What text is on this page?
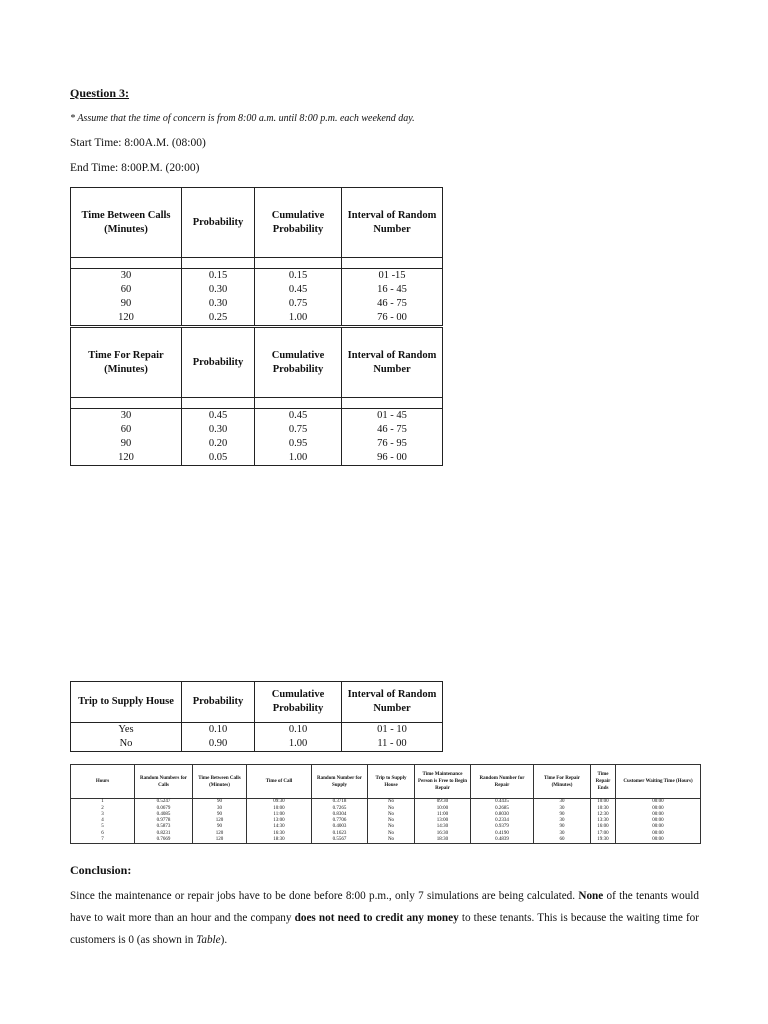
Question 3:
* Assume that the time of concern is from 8:00 a.m. until 8:00 p.m. each weekend day.
Start Time: 8:00A.M. (08:00)
End Time: 8:00P.M. (20:00)
Time Between Calls (Minutes)	Probability	Cumulative Probability	Interval of Random Number

30	0.15	0.15	01 -15
60	0.30	0.45	16 - 45
90	0.30	0.75	46 - 75
120	0.25	1.00	76 - 00
Time For Repair (Minutes)	Probability	Cumulative Probability	Interval of Random Number

30	0.45	0.45	01 - 45
60	0.30	0.75	46 - 75
90	0.20	0.95	76 - 95
120	0.05	1.00	96 - 00
Trip to Supply House	Probability	Cumulative Probability	Interval of Random Number
Yes	0.10	0.10	01 - 10
No	0.90	1.00	11 - 00
Hours	Random Numbers for Calls	Time Between Calls (Minutes)	Time of Call	Random Number for Supply	Trip to Supply House	Time Maintenance Person is Free to Begin Repair	Random Number for Repair	Time For Repair (Minutes)	Time Repair Ends	Customer Waiting Time (Hours)
1	0.5247	90	09:30	0.3718	No	09:30	0.4435	30	10:00	00:00
2	0.0679	30	10:00	0.7265	No	10:00	0.2685	30	10:30	00:00
3	0.4085	90	11:00	0.8304	No	11:00	0.8030	90	12:30	00:00
4	0.9778	120	13:00	0.7706	No	13:00	0.2334	30	13:30	00:00
5	0.5873	90	14:30	0.4003	No	14:30	0.9379	90	16:00	00:00
6	0.8231	120	16:30	0.1623	No	16:30	0.4190	30	17:00	00:00
7	0.7669	120	18:30	0.5567	No	18:30	0.4839	60	19:30	00:00
Conclusion:
Since the maintenance or repair jobs have to be done before 8:00 p.m., only 7 simulations are being calculated. None of the tenants would have to wait more than an hour and the company does not need to credit any money to these tenants. This is because the waiting time for customers is 0 (as shown in Table).
